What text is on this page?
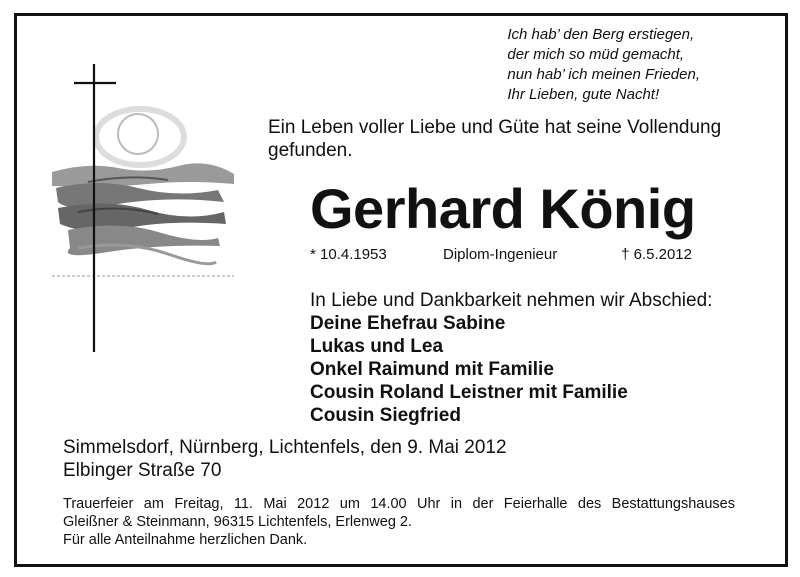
Ich hab’ den Berg erstiegen,
der mich so müd gemacht,
nun hab’ ich meinen Frieden,
Ihr Lieben, gute Nacht!
Ein Leben voller Liebe und Güte hat seine Vollendung gefunden.
Gerhard König
* 10.4.1953	Diplom-Ingenieur	† 6.5.2012
In Liebe und Dankbarkeit nehmen wir Abschied:
Deine Ehefrau Sabine
Lukas und Lea
Onkel Raimund mit Familie
Cousin Roland Leistner mit Familie
Cousin Siegfried
Simmelsdorf, Nürnberg, Lichtenfels, den 9. Mai 2012
Elbinger Straße 70
Trauerfeier am Freitag, 11. Mai 2012 um 14.00 Uhr in der Feierhalle des Bestattungshauses
Gleißner & Steinmann, 96315 Lichtenfels, Erlenweg 2.
Für alle Anteilnahme herzlichen Dank.
